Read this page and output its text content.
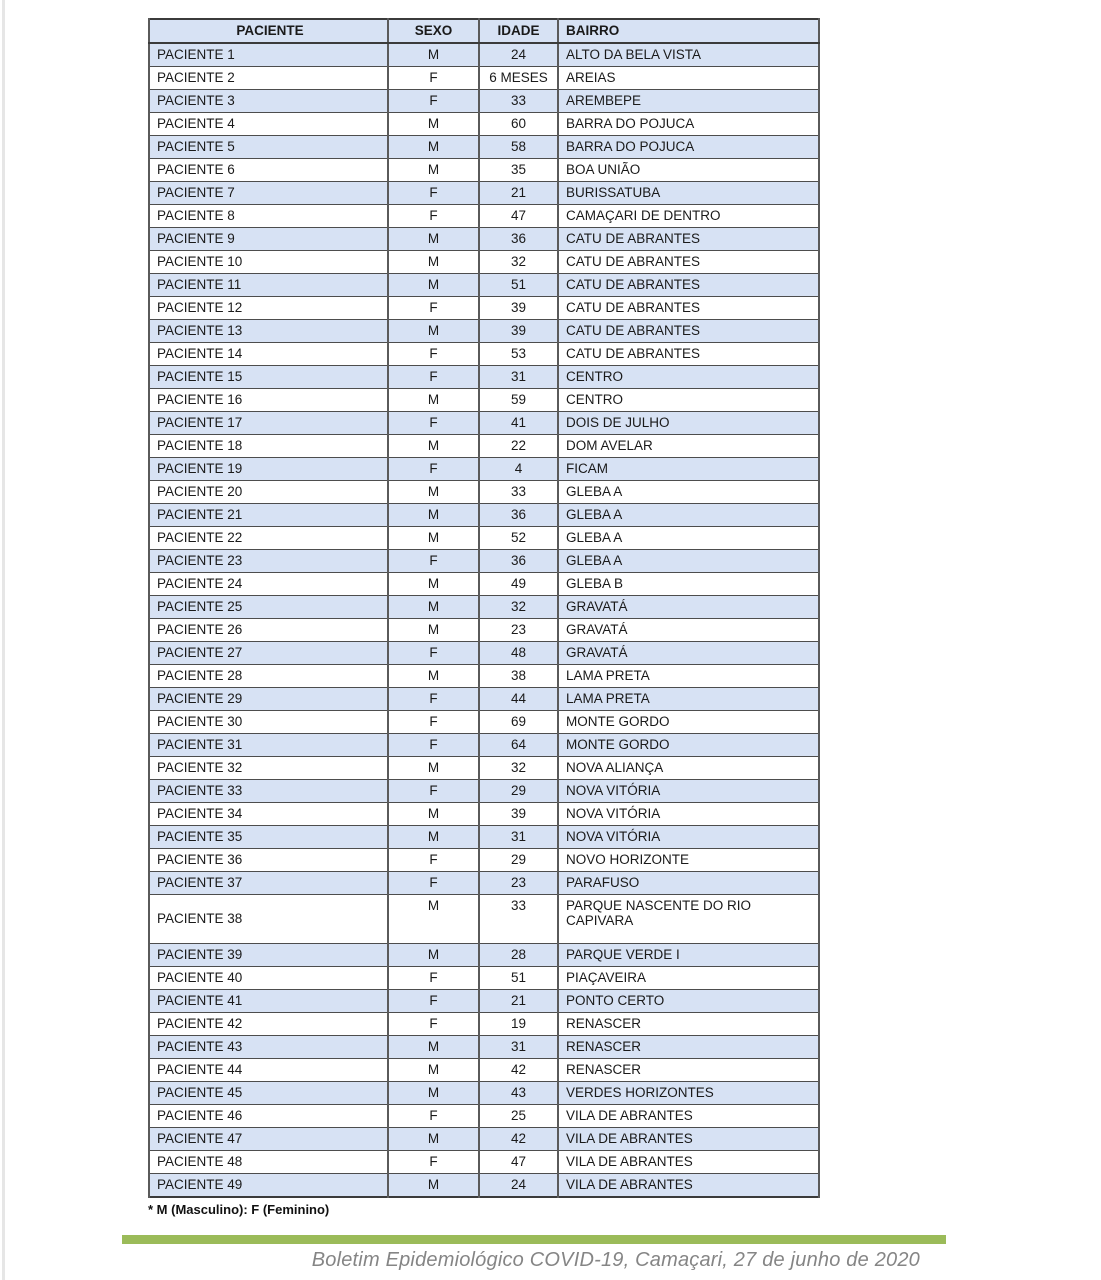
PACIENTE	SEXO	IDADE	BAIRRO
PACIENTE 1	M	24	ALTO DA BELA VISTA
PACIENTE 2	F	6 MESES	AREIAS
PACIENTE 3	F	33	AREMBEPE
PACIENTE 4	M	60	BARRA DO POJUCA
PACIENTE 5	M	58	BARRA DO POJUCA
PACIENTE 6	M	35	BOA UNIÃO
PACIENTE 7	F	21	BURISSATUBA
PACIENTE 8	F	47	CAMAÇARI DE DENTRO
PACIENTE 9	M	36	CATU DE ABRANTES
PACIENTE 10	M	32	CATU DE ABRANTES
PACIENTE 11	M	51	CATU DE ABRANTES
PACIENTE 12	F	39	CATU DE ABRANTES
PACIENTE 13	M	39	CATU DE ABRANTES
PACIENTE 14	F	53	CATU DE ABRANTES
PACIENTE 15	F	31	CENTRO
PACIENTE 16	M	59	CENTRO
PACIENTE 17	F	41	DOIS DE JULHO
PACIENTE 18	M	22	DOM AVELAR
PACIENTE 19	F	4	FICAM
PACIENTE 20	M	33	GLEBA A
PACIENTE 21	M	36	GLEBA A
PACIENTE 22	M	52	GLEBA A
PACIENTE 23	F	36	GLEBA A
PACIENTE 24	M	49	GLEBA B
PACIENTE 25	M	32	GRAVATÁ
PACIENTE 26	M	23	GRAVATÁ
PACIENTE 27	F	48	GRAVATÁ
PACIENTE 28	M	38	LAMA PRETA
PACIENTE 29	F	44	LAMA PRETA
PACIENTE 30	F	69	MONTE GORDO
PACIENTE 31	F	64	MONTE GORDO
PACIENTE 32	M	32	NOVA ALIANÇA
PACIENTE 33	F	29	NOVA VITÓRIA
PACIENTE 34	M	39	NOVA VITÓRIA
PACIENTE 35	M	31	NOVA VITÓRIA
PACIENTE 36	F	29	NOVO HORIZONTE
PACIENTE 37	F	23	PARAFUSO
PACIENTE 38	M	33	PARQUE NASCENTE DO RIO CAPIVARA
PACIENTE 39	M	28	PARQUE VERDE I
PACIENTE 40	F	51	PIAÇAVEIRA
PACIENTE 41	F	21	PONTO CERTO
PACIENTE 42	F	19	RENASCER
PACIENTE 43	M	31	RENASCER
PACIENTE 44	M	42	RENASCER
PACIENTE 45	M	43	VERDES HORIZONTES
PACIENTE 46	F	25	VILA DE ABRANTES
PACIENTE 47	M	42	VILA DE ABRANTES
PACIENTE 48	F	47	VILA DE ABRANTES
PACIENTE 49	M	24	VILA DE ABRANTES
* M (Masculino): F (Feminino)
Boletim Epidemiológico COVID-19, Camaçari, 27 de junho de 2020
